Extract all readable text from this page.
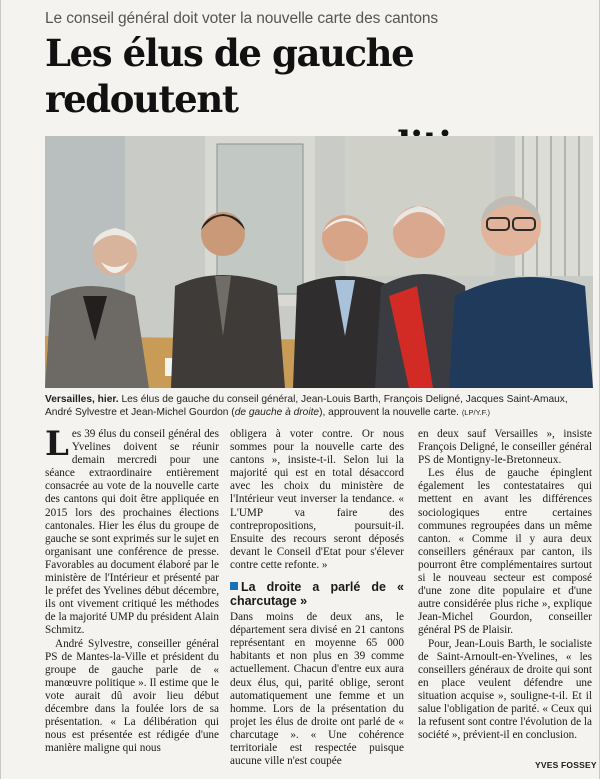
Le conseil général doit voter la nouvelle carte des cantons
Les élus de gauche redoutent

Versailles, hier. Les élus de gauche du conseil général, Jean-Louis Barth, François Deligné, Jacques Saint-Amaux, André Sylvestre et Jean-Michel Gourdon (de gauche à droite), approuvent la nouvelle carte. (LP/Y.F.)

Les 39 élus du conseil général des Yvelines doivent se réunir demain mercredi pour une séance extraordinaire entièrement consacrée au vote de la nouvelle carte des cantons qui doit être appliquée en 2015 lors des prochaines élections cantonales. Hier les élus du groupe de gauche se sont exprimés sur le sujet en organisant une conférence de presse. Favorables au document élaboré par le ministère de l'Intérieur et présenté par le préfet des Yvelines début décembre, ils ont vivement critiqué les méthodes de la majorité UMP du président Alain Schmitz.

André Sylvestre, conseiller général PS de Mantes-la-Ville et président du groupe de gauche parle de « manœuvre politique ». Il estime que le vote aurait dû avoir lieu début décembre dans la foulée lors de sa présentation. « La délibération qui nous est présentée est rédigée d'une manière maligne qui nous

obligera à voter contre. Or nous sommes pour la nouvelle carte des cantons », insiste-t-il. Selon lui la majorité qui est en total désaccord avec les choix du ministère de l'Intérieur veut inverser la tendance. « L'UMP va faire des contrepropositions, poursuit-il. Ensuite des recours seront déposés devant le Conseil d'Etat pour s'élever contre cette refonte. »

La droite a parlé de « charcutage »

Dans moins de deux ans, le département sera divisé en 21 cantons représentant en moyenne 65 000 habitants et non plus en 39 comme actuellement. Chacun d'entre eux aura deux élus, qui, parité oblige, seront automatiquement une femme et un homme. Lors de la présentation du projet les élus de droite ont parlé de « charcutage ». « Une cohérence territoriale est respectée puisque aucune ville n'est coupée

en deux sauf Versailles », insiste François Deligné, le conseiller général PS de Montigny-le-Bretonneux.

Les élus de gauche épinglent également les contestataires qui mettent en avant les différences sociologiques entre certaines communes regroupées dans un même canton. « Comme il y aura deux conseillers généraux par canton, ils pourront être complémentaires surtout si le nouveau secteur est composé d'une zone dite populaire et d'une autre considérée plus riche », explique Jean-Michel Gourdon, conseiller général PS de Plaisir.

Pour, Jean-Louis Barth, le socialiste de Saint-Arnoult-en-Yvelines, « les conseillers généraux de droite qui sont en place veulent défendre une situation acquise », souligne-t-il. Et il salue l'obligation de parité. « Ceux qui la refusent sont contre l'évolution de la société », prévient-il en conclusion.

YVES FOSSEY
